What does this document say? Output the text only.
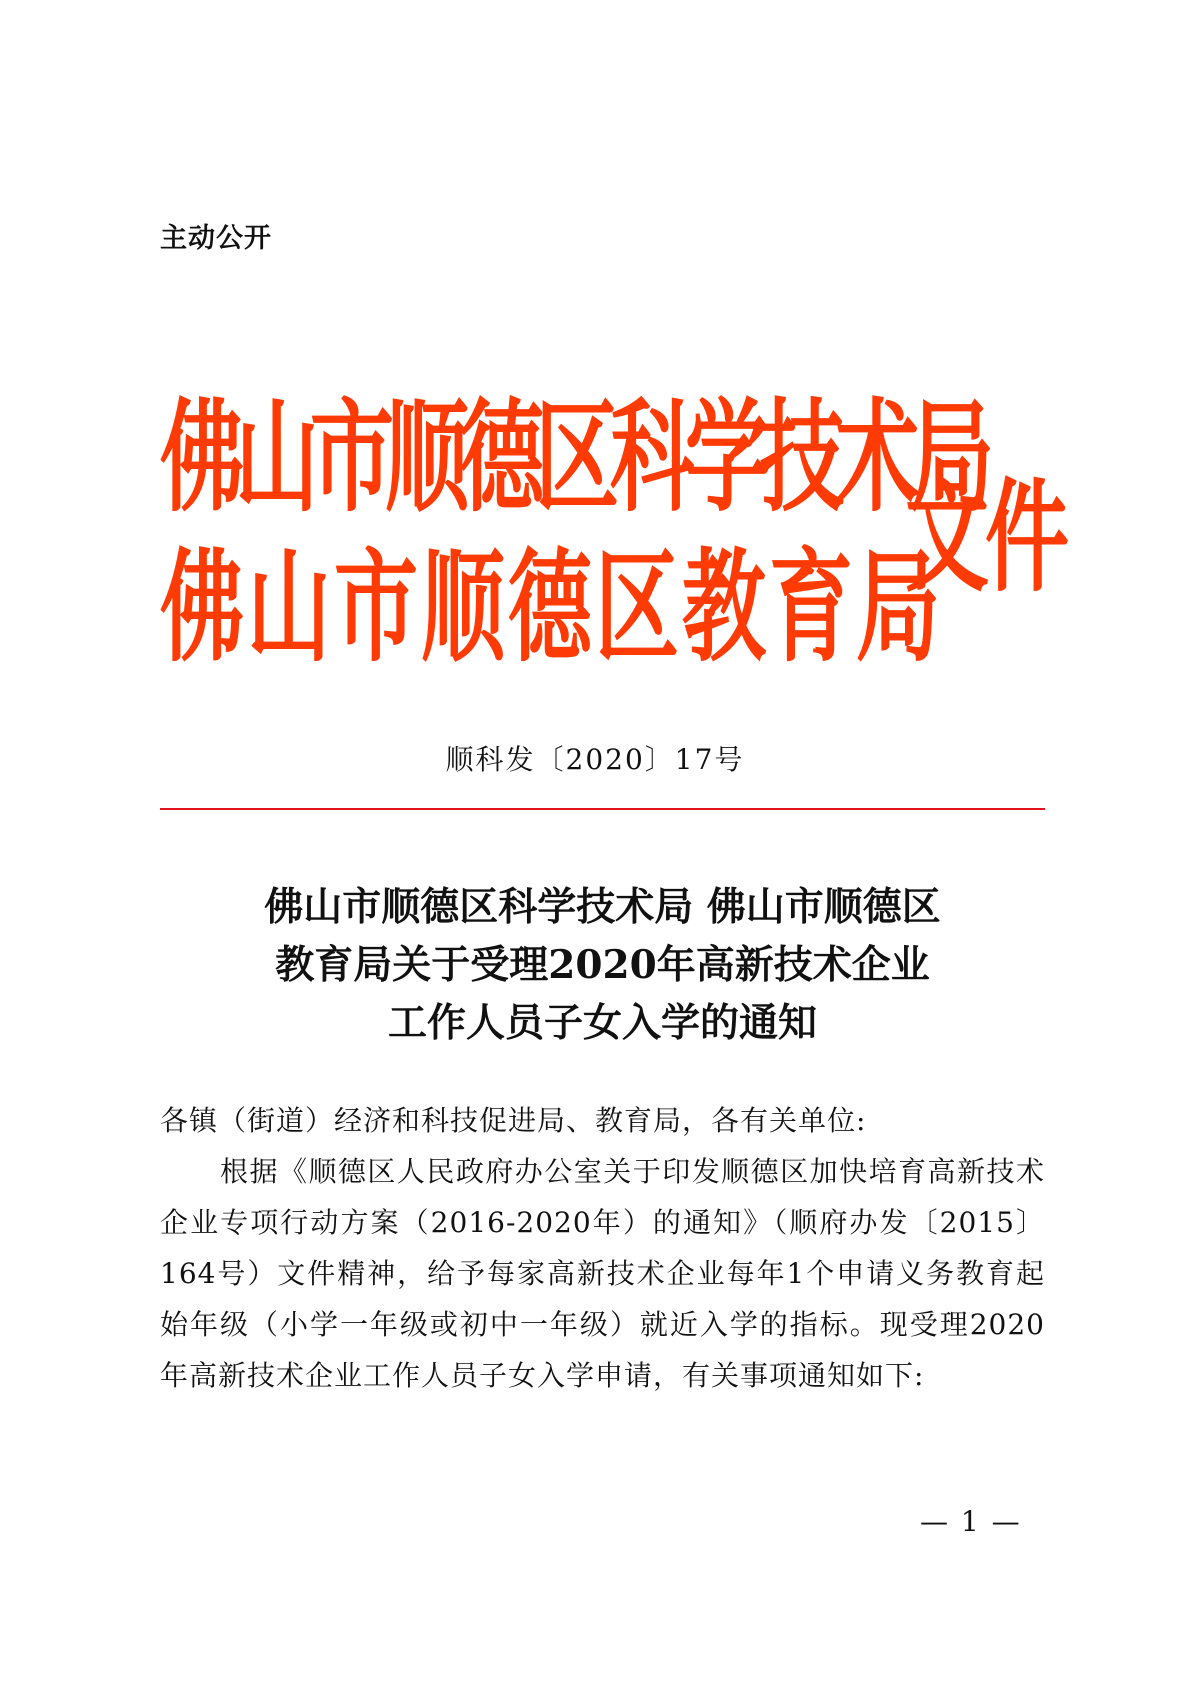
主动公开
佛山市顺德区科学技术局
佛山市顺德区教育局
文件
顺科发〔2020〕17号
佛山市顺德区科学技术局 佛山市顺德区
教育局关于受理2020年高新技术企业
工作人员子女入学的通知

各镇（街道）经济和科技促进局、教育局，各有关单位:

根据《顺德区人民政府办公室关于印发顺德区加快培育高新技术企业专项行动方案（2016-2020年）的通知》（顺府办发〔2015〕164号）文件精神，给予每家高新技术企业每年1个申请义务教育起始年级（小学一年级或初中一年级）就近入学的指标。现受理2020年高新技术企业工作人员子女入学申请，有关事项通知如下:

— 1 —
